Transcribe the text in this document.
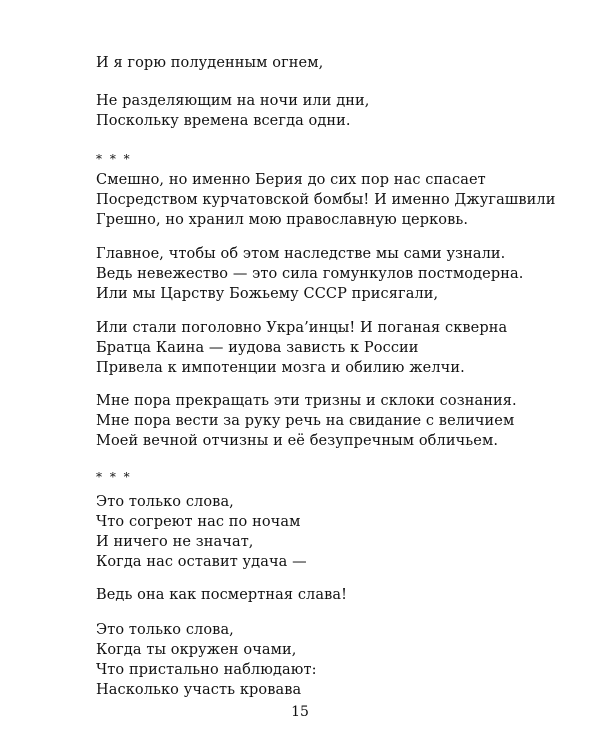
И я горю полуденным огнем,
Не разделяющим на ночи или дни,
Поскольку времена всегда одни.
* * *
Смешно, но именно Берия до сих пор нас спасает
Посредством курчатовской бомбы! И именно Джугашвили
Грешно, но хранил мою православную церковь.
Главное, чтобы об этом наследстве мы сами узнали.
Ведь невежество — это сила гомункулов постмодерна.
Или мы Царству Божьему СССР присягали,
Или стали поголовно Укра’инцы! И поганая скверна
Братца Каина — иудова зависть к России
Привела к импотенции мозга и обилию желчи.
Мне пора прекращать эти тризны и склоки сознания.
Мне пора вести за руку речь на свидание с величием
Моей вечной отчизны и её безупречным обличьем.
* * *
Это только слова,
Что согреют нас по ночам
И ничего не значат,
Когда нас оставит удача —
Ведь она как посмертная слава!
Это только слова,
Когда ты окружен очами,
Что пристально наблюдают:
Насколько участь кровава
15
